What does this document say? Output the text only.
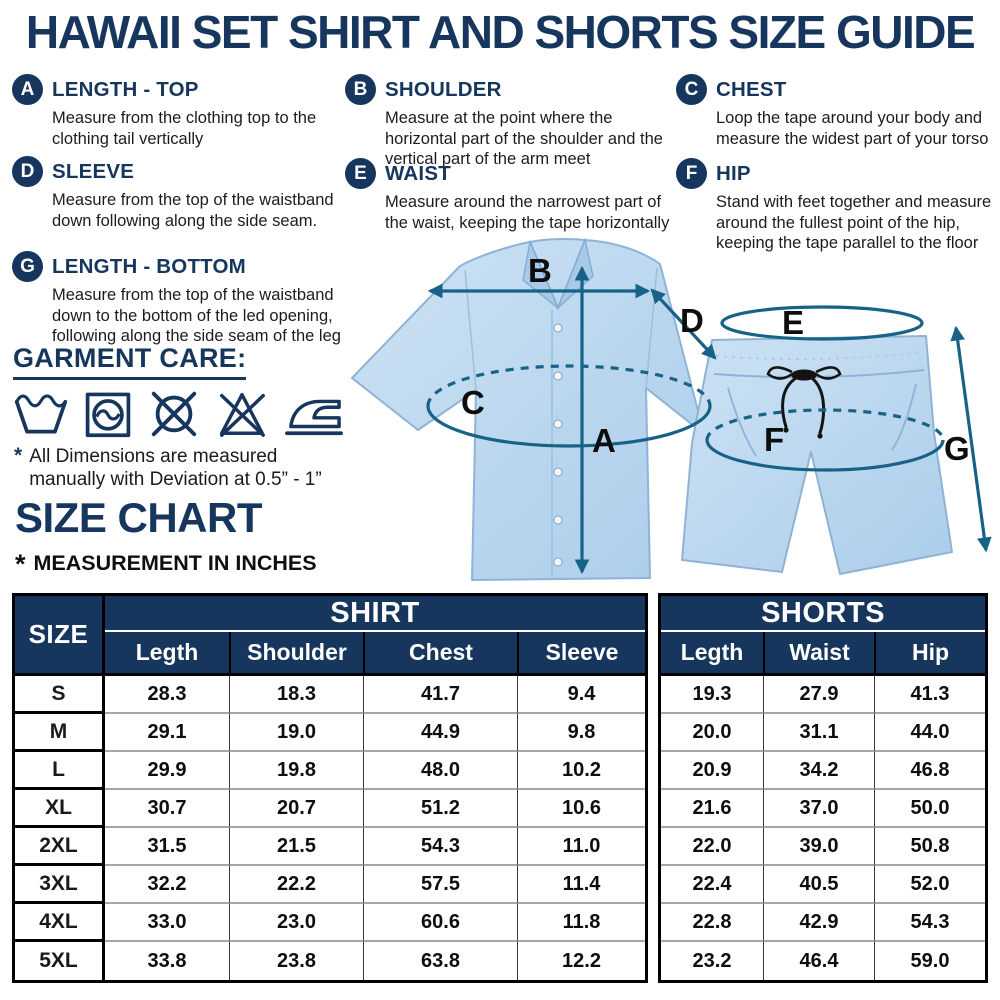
HAWAII SET SHIRT AND SHORTS SIZE GUIDE
A LENGTH - TOP
Measure from the clothing top to the clothing tail vertically
D SLEEVE
Measure from the top of the waistband down following along the side seam.
G LENGTH - BOTTOM
Measure from the top of the waistband down to the bottom of the led opening, following along the side seam of the leg
B SHOULDER
Measure at the point where the horizontal part of the shoulder and the vertical part of the arm meet
E WAIST
Measure around the narrowest part of the waist, keeping the tape horizontally
C CHEST
Loop the tape around your body and measure the widest part of your torso
F HIP
Stand with feet together and measure around the fullest point of the hip, keeping the tape parallel to the floor
GARMENT CARE:
* All Dimensions are measured manually with Deviation at 0.5” - 1”
SIZE CHART
* MEASUREMENT IN INCHES
B
A
C
D E
F	G
SIZE
SHIRT
Legth	Shoulder	Chest	Sleeve
S	28.3	18.3	41.7	9.4
M	29.1	19.0	44.9	9.8
L	29.9	19.8	48.0	10.2
XL	30.7	20.7	51.2	10.6
2XL	31.5	21.5	54.3	11.0
3XL	32.2	22.2	57.5	11.4
4XL	33.0	23.0	60.6	11.8
5XL	33.8	23.8	63.8	12.2
SHORTS
Legth	Waist	Hip
19.3	27.9	41.3
20.0	31.1	44.0
20.9	34.2	46.8
21.6	37.0	50.0
22.0	39.0	50.8
22.4	40.5	52.0
22.8	42.9	54.3
23.2	46.4	59.0
